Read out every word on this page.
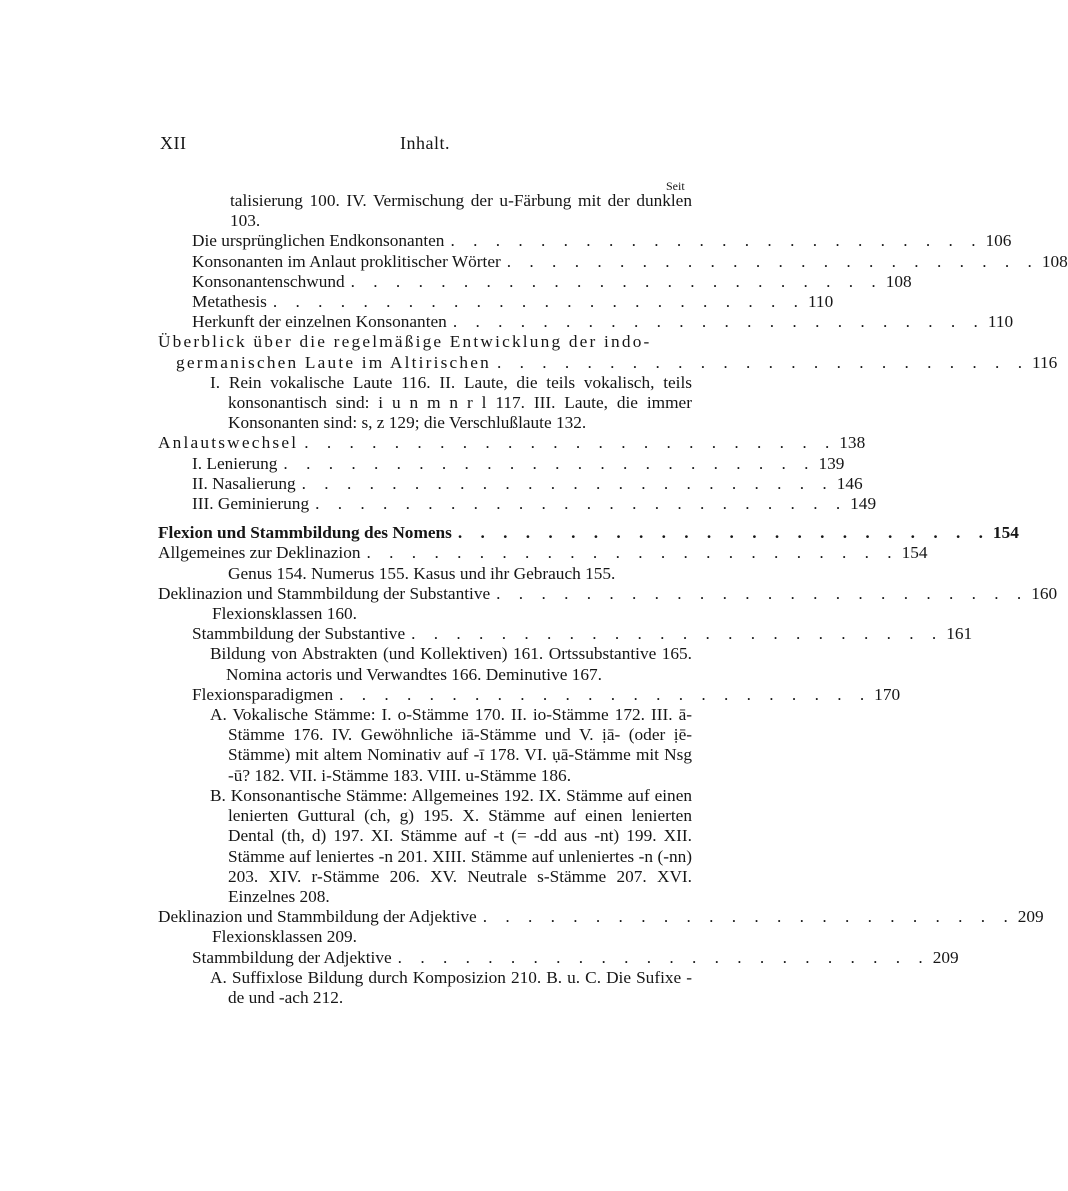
XII	Inhalt.
Seit
talisierung 100. IV. Vermischung der u-Färbung mit der dunklen 103.
Die ursprünglichen Endkonsonanten . . . . . . . . . . . . . . . . . . . . . . . . 106
Konsonanten im Anlaut proklitischer Wörter . . . . . . . . . . . . . . . . . . . . . . . . 108
Konsonantenschwund . . . . . . . . . . . . . . . . . . . . . . . . 108
Metathesis . . . . . . . . . . . . . . . . . . . . . . . . 110
Herkunft der einzelnen Konsonanten . . . . . . . . . . . . . . . . . . . . . . . . 110
Überblick über die regelmäßige Entwicklung der indo-
germanischen Laute im Altirischen . . . . . . . . . . . . . . . . . . . . . . . . 116
I. Rein vokalische Laute 116. II. Laute, die teils vokalisch, teils konsonantisch sind: i u n m n r l 117. III. Laute, die immer Konsonanten sind: s, z 129; die Verschlußlaute 132.
Anlautswechsel . . . . . . . . . . . . . . . . . . . . . . . . 138
I. Lenierung . . . . . . . . . . . . . . . . . . . . . . . . 139
II. Nasalierung . . . . . . . . . . . . . . . . . . . . . . . . 146
III. Geminierung . . . . . . . . . . . . . . . . . . . . . . . . 149
Flexion und Stammbildung des Nomens . . . . . . . . . . . . . . . . . . . . . . . . 154
Allgemeines zur Deklinazion . . . . . . . . . . . . . . . . . . . . . . . . 154
Genus 154. Numerus 155. Kasus und ihr Gebrauch 155.
Deklinazion und Stammbildung der Substantive . . . . . . . . . . . . . . . . . . . . . . . . 160
Flexionsklassen 160.
Stammbildung der Substantive . . . . . . . . . . . . . . . . . . . . . . . . 161
Bildung von Abstrakten (und Kollektiven) 161. Ortssubstantive 165. Nomina actoris und Verwandtes 166. Deminutive 167.
Flexionsparadigmen . . . . . . . . . . . . . . . . . . . . . . . . 170
A. Vokalische Stämme: I. o-Stämme 170. II. io-Stämme 172. III. ā-Stämme 176. IV. Gewöhnliche iā-Stämme und V. ịā- (oder ịē-Stämme) mit altem Nominativ auf -ī 178. VI. ụā-Stämme mit Nsg -ū? 182. VII. i-Stämme 183. VIII. u-Stämme 186.
B. Konsonantische Stämme: Allgemeines 192. IX. Stämme auf einen lenierten Guttural (ch, g) 195. X. Stämme auf einen lenierten Dental (th, d) 197. XI. Stämme auf -t (= -dd aus -nt) 199. XII. Stämme auf leniertes -n 201. XIII. Stämme auf unleniertes -n (-nn) 203. XIV. r-Stämme 206. XV. Neutrale s-Stämme 207. XVI. Einzelnes 208.
Deklinazion und Stammbildung der Adjektive . . . . . . . . . . . . . . . . . . . . . . . . 209
Flexionsklassen 209.
Stammbildung der Adjektive . . . . . . . . . . . . . . . . . . . . . . . . 209
A. Suffixlose Bildung durch Komposizion 210. B. u. C. Die Sufixe -de und -ach 212.
